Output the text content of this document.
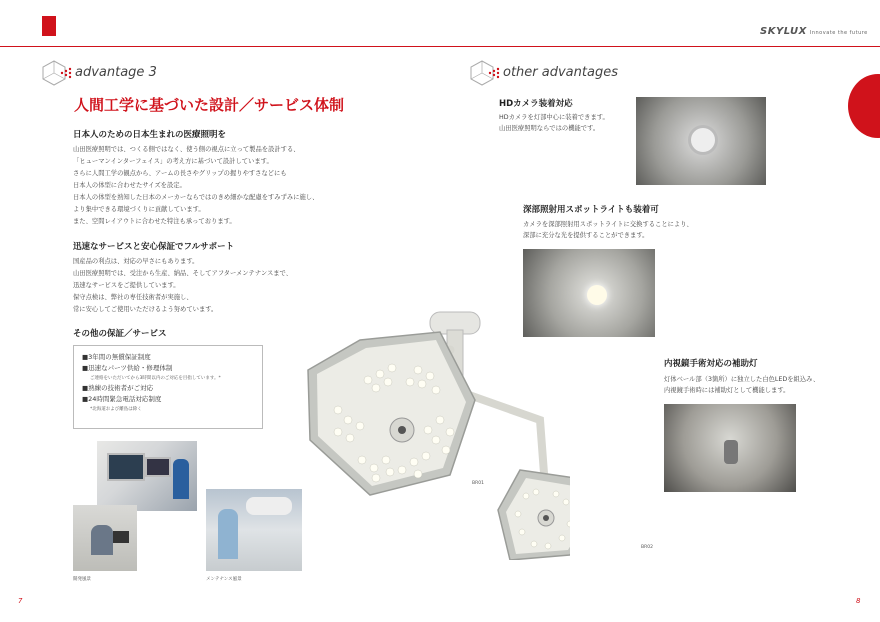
SKYLUX Innovate the future
advantage 3
人間工学に基づいた設計／サービス体制
日本人のための日本生まれの医療照明を
山田医療照明では、つくる側ではなく、使う側の視点に立って製品を設計する、
「ヒューマンインターフェイス」の考え方に基づいて設計しています。
さらに人間工学の観点から、アームの長さやグリップの握りやすさなどにも
日本人の体型に合わせたサイズを設定。
日本人の体型を熟知した日本のメーカーならではのきめ細かな配慮をすみずみに施し、
より集中できる環境づくりに貢献しています。
また、空間レイアウトに合わせた特注も承っております。
迅速なサービスと安心保証でフルサポート
国産品の利点は、対応の早さにもあります。
山田医療照明では、受注から生産、納品、そしてアフターメンテナンスまで、
迅速なサービスをご提供しています。
保守点検は、弊社の専任技術者が実施し、
常に安心してご使用いただけるよう努めています。
その他の保証／サービス
■3年間の無償保証制度
■迅速なパーツ供給・修理体制
ご連絡をいただいてから3時間以内のご対応を目指しています。*
■熟練の技術者がご対応
■24時間緊急電話対応制度
*北海道および離島は除く
開発風景	メンテナンス風景
7
BR01
BR02
other advantages
HDカメラ装着対応
HDカメラを灯部中心に装着できます。
山田医療照明ならではの機能です。
深部照射用スポットライトも装着可
カメラを深部照射用スポットライトに交換することにより、
深部に充分な光を提供することができます。
内視鏡手術対応の補助灯
灯体ベール部（3箇所）に独立した白色LEDを組込み、
内視鏡手術時には補助灯として機能します。
8
